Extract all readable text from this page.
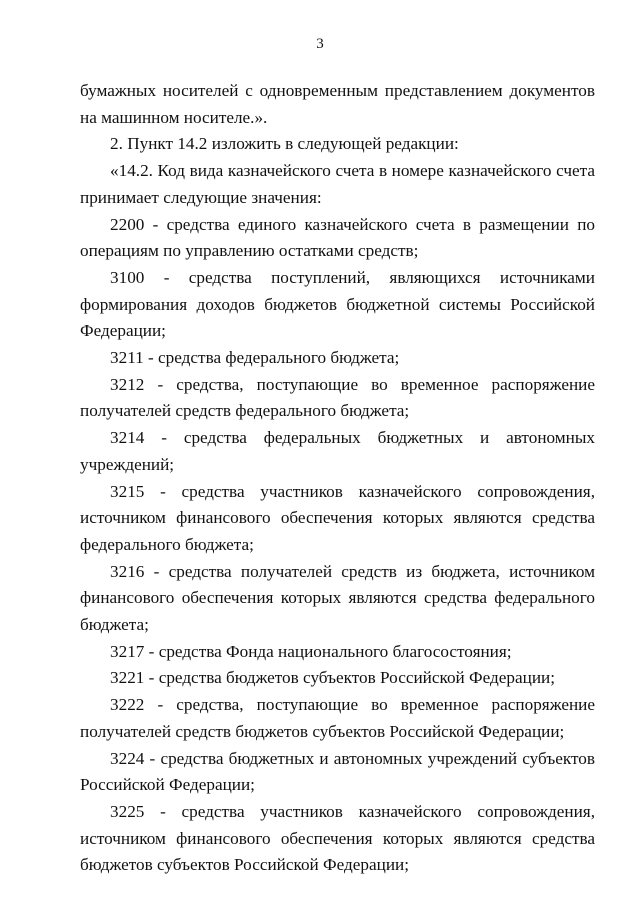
3

бумажных носителей с одновременным представлением документов на машинном носителе.».

2. Пункт 14.2 изложить в следующей редакции:

«14.2. Код вида казначейского счета в номере казначейского счета принимает следующие значения:

2200 - средства единого казначейского счета в размещении по операциям по управлению остатками средств;

3100 - средства поступлений, являющихся источниками формирования доходов бюджетов бюджетной системы Российской Федерации;

3211 - средства федерального бюджета;

3212 - средства, поступающие во временное распоряжение получателей средств федерального бюджета;

3214 - средства федеральных бюджетных и автономных учреждений;

3215 - средства участников казначейского сопровождения, источником финансового обеспечения которых являются средства федерального бюджета;

3216 - средства получателей средств из бюджета, источником финансового обеспечения которых являются средства федерального бюджета;

3217 - средства Фонда национального благосостояния;

3221 - средства бюджетов субъектов Российской Федерации;

3222 - средства, поступающие во временное распоряжение получателей средств бюджетов субъектов Российской Федерации;

3224 - средства бюджетных и автономных учреждений субъектов Российской Федерации;

3225 - средства участников казначейского сопровождения, источником финансового обеспечения которых являются средства бюджетов субъектов Российской Федерации;
